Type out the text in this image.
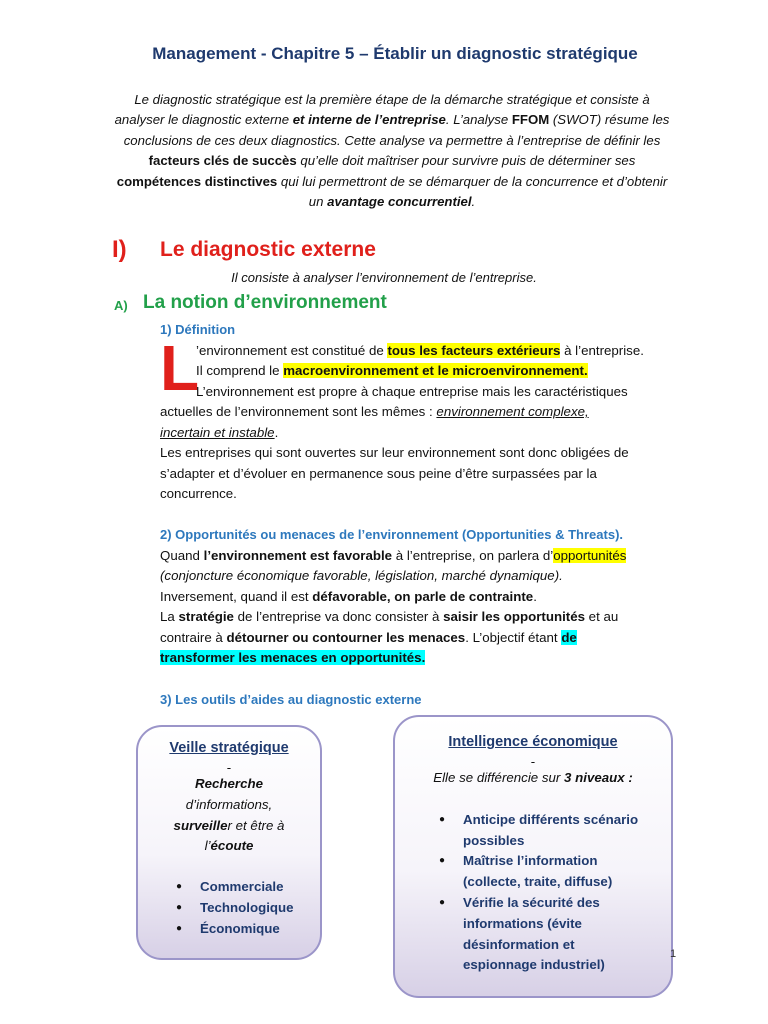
Management - Chapitre 5 – Établir un diagnostic stratégique
Le diagnostic stratégique est la première étape de la démarche stratégique et consiste à
analyser le diagnostic externe et interne de l’entreprise. L’analyse FFOM (SWOT) résume les
conclusions de ces deux diagnostics. Cette analyse va permettre à l’entreprise de définir les
facteurs clés de succès qu’elle doit maîtriser pour survivre puis de déterminer ses
compétences distinctives qui lui permettront de se démarquer de la concurrence et d’obtenir
un avantage concurrentiel.
I) Le diagnostic externe
Il consiste à analyser l’environnement de l’entreprise.
A) La notion d’environnement
1) Définition
L
’environnement est constitué de tous les facteurs extérieurs à l’entreprise.
Il comprend le macroenvironnement et le microenvironnement.
L’environnement est propre à chaque entreprise mais les caractéristiques
actuelles de l’environnement sont les mêmes : environnement complexe,
incertain et instable.
Les entreprises qui sont ouvertes sur leur environnement sont donc obligées de
s’adapter et d’évoluer en permanence sous peine d’être surpassées par la
concurrence.
2) Opportunités ou menaces de l’environnement (Opportunities & Threats).
Quand l’environnement est favorable à l’entreprise, on parlera d’opportunités
(conjoncture économique favorable, législation, marché dynamique).
Inversement, quand il est défavorable, on parle de contrainte.
La stratégie de l’entreprise va donc consister à saisir les opportunités et au
contraire à détourner ou contourner les menaces. L’objectif étant de
transformer les menaces en opportunités.
3) Les outils d’aides au diagnostic externe
Veille stratégique
-
Recherche
d’informations,
surveiller et être à
l’écoute
● Commerciale
● Technologique
● Économique
Intelligence économique
-
Elle se différencie sur 3 niveaux :
● Anticipe différents scénario
possibles
● Maîtrise l’information
(collecte, traite, diffuse)
● Vérifie la sécurité des
informations (évite
désinformation et
espionnage industriel)
1
